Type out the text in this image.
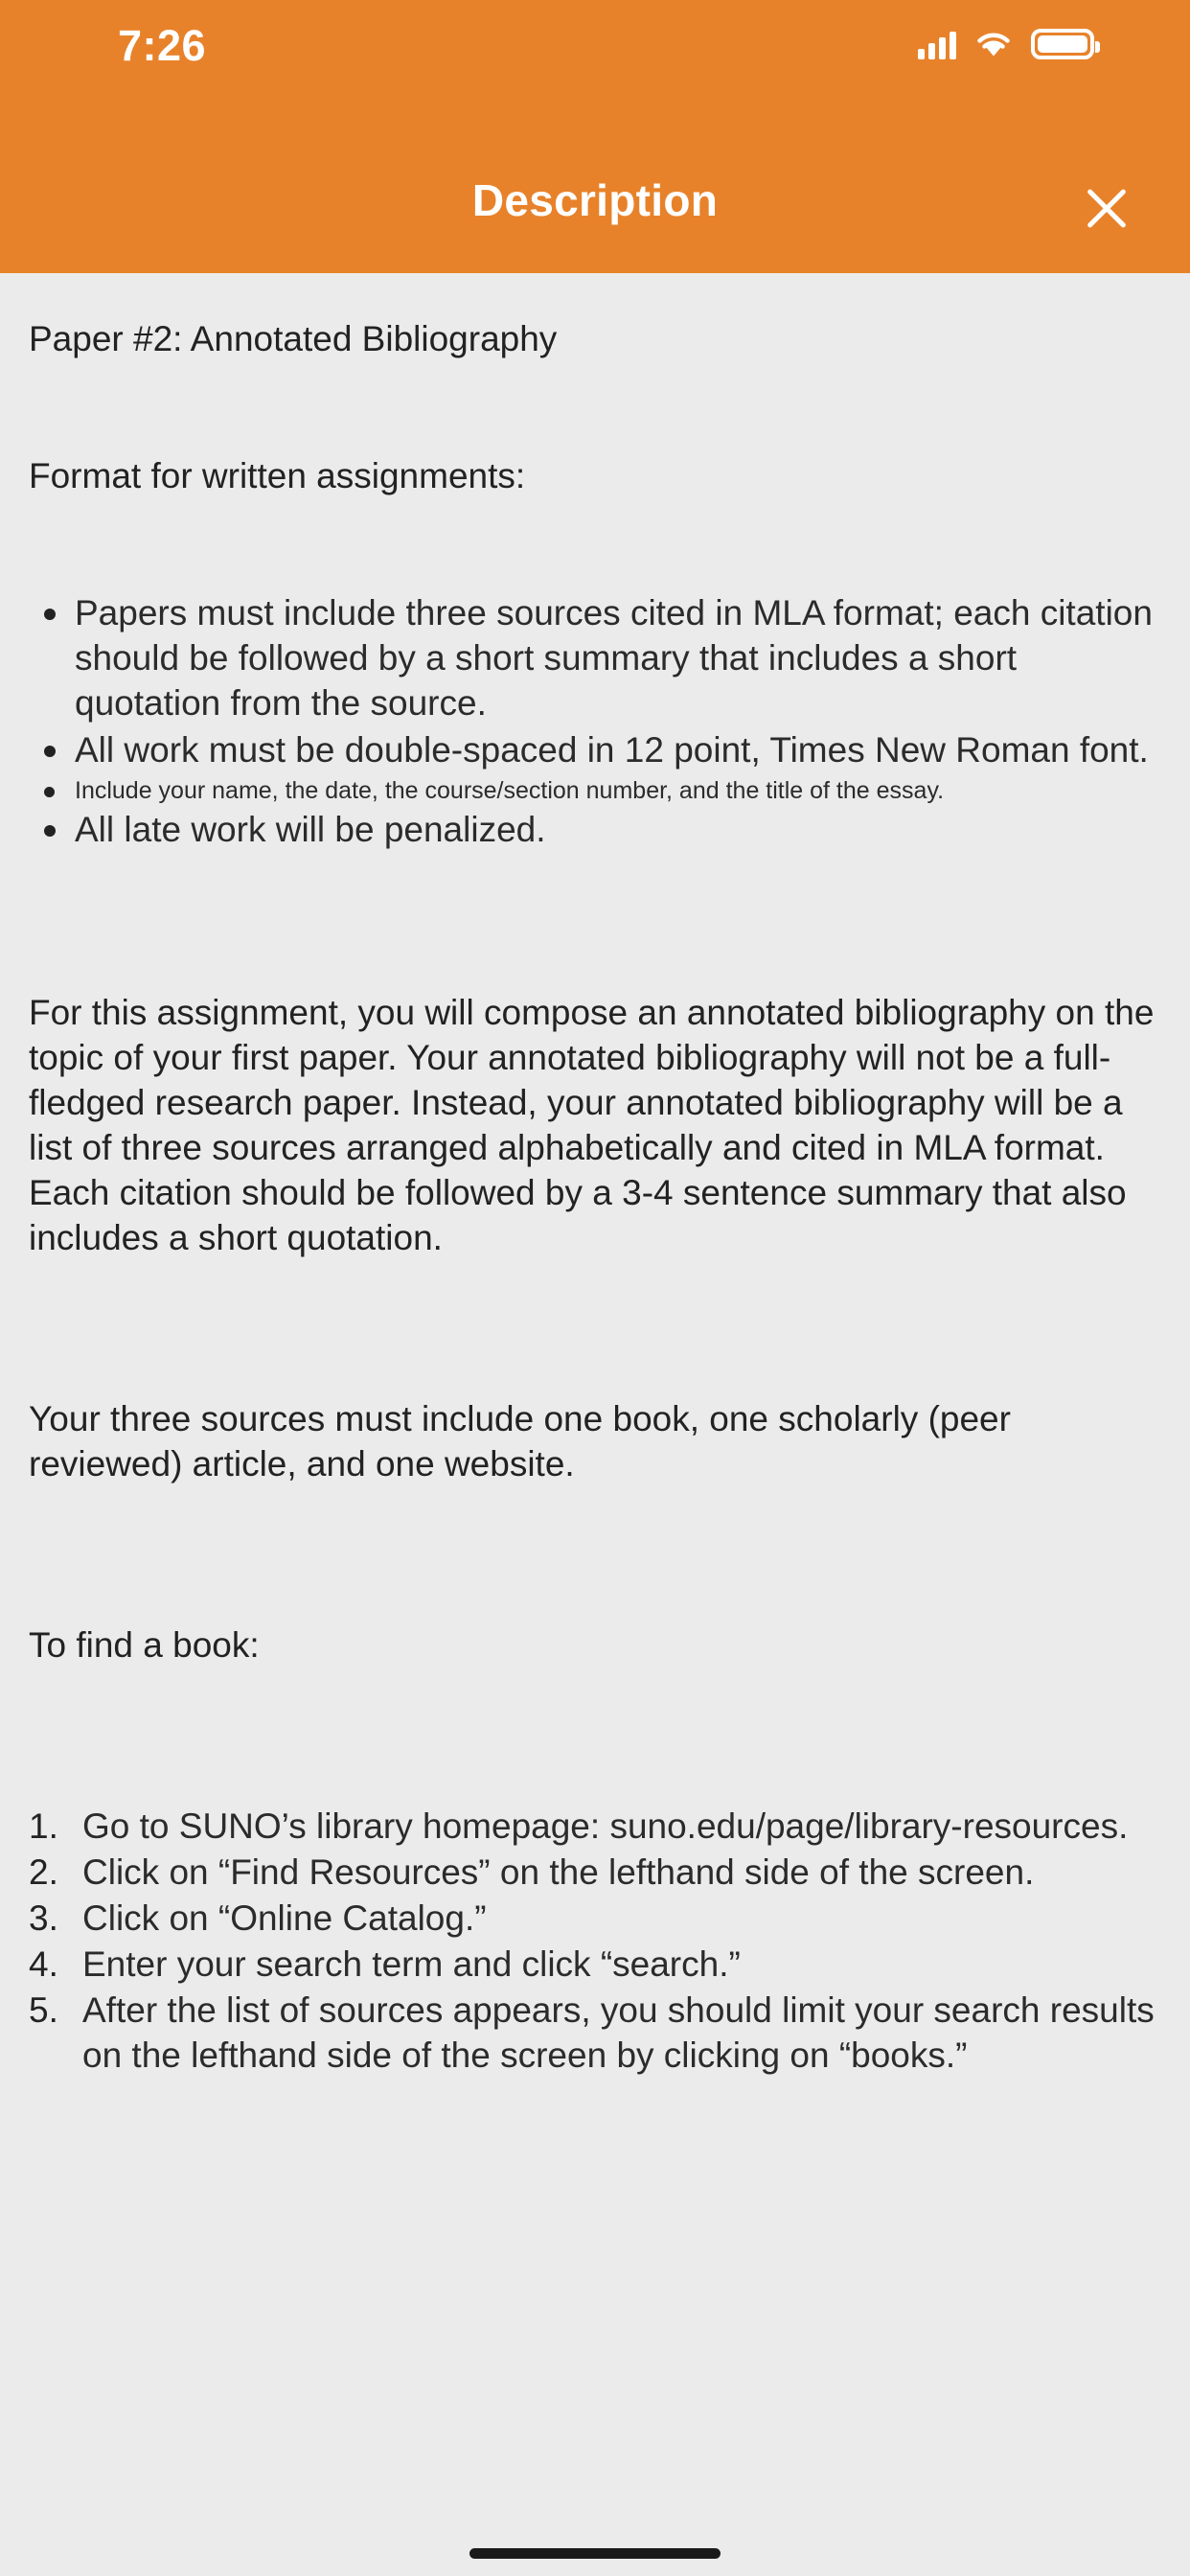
7:26
Description
Paper #2: Annotated Bibliography
Format for written assignments:
Papers must include three sources cited in MLA format; each citation should be followed by a short summary that includes a short quotation from the source.
All work must be double-spaced in 12 point, Times New Roman font.
Include your name, the date, the course/section number, and the title of the essay.
All late work will be penalized.
For this assignment, you will compose an annotated bibliography on the topic of your first paper. Your annotated bibliography will not be a full-fledged research paper. Instead, your annotated bibliography will be a list of three sources arranged alphabetically and cited in MLA format. Each citation should be followed by a 3-4 sentence summary that also includes a short quotation.
Your three sources must include one book, one scholarly (peer reviewed) article, and one website.
To find a book:
Go to SUNO’s library homepage: suno.edu/page/library-resources.
Click on “Find Resources” on the lefthand side of the screen.
Click on “Online Catalog.”
Enter your search term and click “search.”
After the list of sources appears, you should limit your search results on the lefthand side of the screen by clicking on “books.”
